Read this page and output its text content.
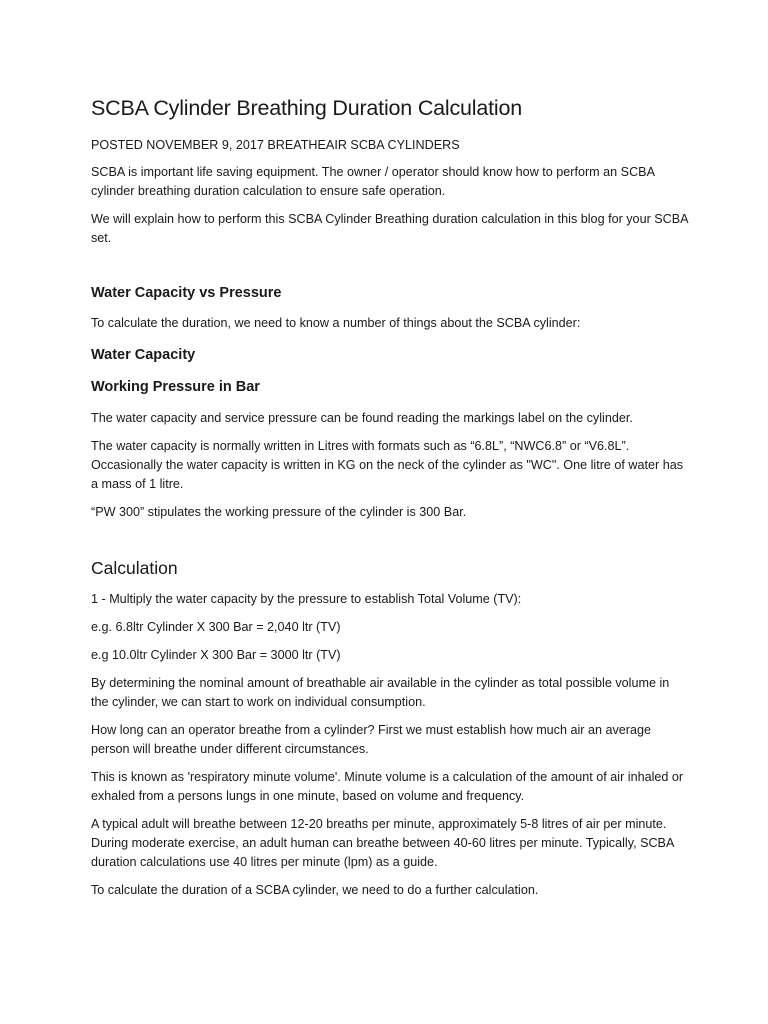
SCBA Cylinder Breathing Duration Calculation
POSTED NOVEMBER 9, 2017 BREATHEAIR SCBA CYLINDERS

SCBA is important life saving equipment. The owner / operator should know how to perform an SCBA cylinder breathing duration calculation to ensure safe operation.

We will explain how to perform this SCBA Cylinder Breathing duration calculation in this blog for your SCBA set.

Water Capacity vs Pressure

To calculate the duration, we need to know a number of things about the SCBA cylinder:

Water Capacity
Working Pressure in Bar

The water capacity and service pressure can be found reading the markings label on the cylinder.

The water capacity is normally written in Litres with formats such as “6.8L”, “NWC6.8” or “V6.8L”. Occasionally the water capacity is written in KG on the neck of the cylinder as "WC". One litre of water has a mass of 1 litre.

“PW 300” stipulates the working pressure of the cylinder is 300 Bar.

Calculation

1 - Multiply the water capacity by the pressure to establish Total Volume (TV):

e.g. 6.8ltr Cylinder X 300 Bar = 2,040 ltr (TV)

e.g 10.0ltr Cylinder X 300 Bar = 3000 ltr (TV)

By determining the nominal amount of breathable air available in the cylinder as total possible volume in the cylinder, we can start to work on individual consumption.

How long can an operator breathe from a cylinder? First we must establish how much air an average person will breathe under different circumstances.

This is known as 'respiratory minute volume'. Minute volume is a calculation of the amount of air inhaled or exhaled from a persons lungs in one minute, based on volume and frequency.

A typical adult will breathe between 12-20 breaths per minute, approximately 5-8 litres of air per minute. During moderate exercise, an adult human can breathe between 40-60 litres per minute. Typically, SCBA duration calculations use 40 litres per minute (lpm) as a guide.

To calculate the duration of a SCBA cylinder, we need to do a further calculation.
